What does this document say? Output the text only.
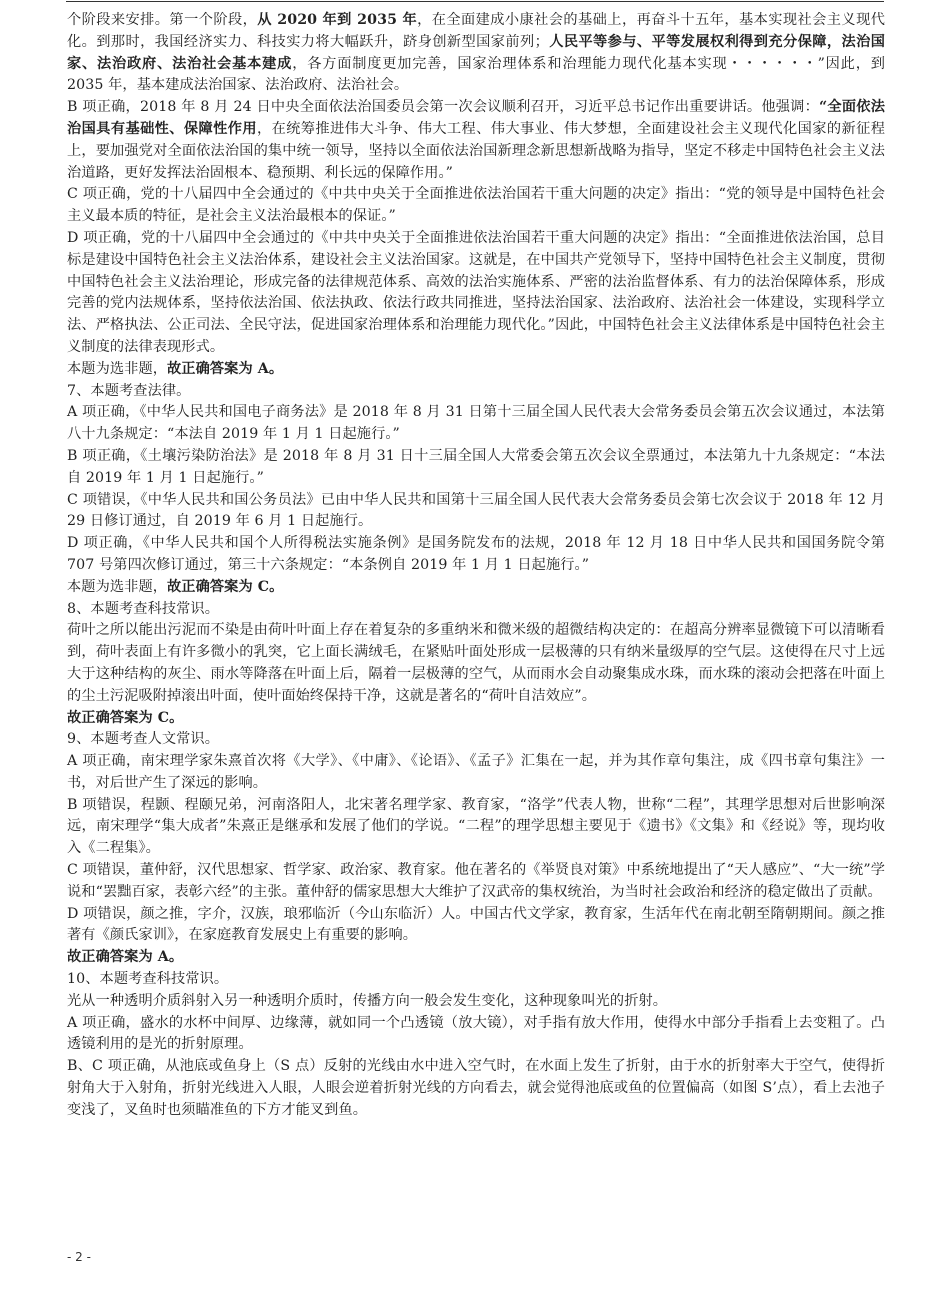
个阶段来安排。第一个阶段，从 2020 年到 2035 年，在全面建成小康社会的基础上，再奋斗十五年，基本实现社会主义现代化。到那时，我国经济实力、科技实力将大幅跃升，跻身创新型国家前列；人民平等参与、平等发展权利得到充分保障，法治国家、法治政府、法治社会基本建成，各方面制度更加完善，国家治理体系和治理能力现代化基本实现・・・・・・”因此，到 2035 年，基本建成法治国家、法治政府、法治社会。

B 项正确，2018 年 8 月 24 日中央全面依法治国委员会第一次会议顺利召开，习近平总书记作出重要讲话。他强调：“全面依法治国具有基础性、保障性作用，在统筹推进伟大斗争、伟大工程、伟大事业、伟大梦想，全面建设社会主义现代化国家的新征程上，要加强党对全面依法治国的集中统一领导，坚持以全面依法治国新理念新思想新战略为指导，坚定不移走中国特色社会主义法治道路，更好发挥法治固根本、稳预期、利长远的保障作用。”

C 项正确，党的十八届四中全会通过的《中共中央关于全面推进依法治国若干重大问题的决定》指出：“党的领导是中国特色社会主义最本质的特征，是社会主义法治最根本的保证。”

D 项正确，党的十八届四中全会通过的《中共中央关于全面推进依法治国若干重大问题的决定》指出：“全面推进依法治国，总目标是建设中国特色社会主义法治体系，建设社会主义法治国家。这就是，在中国共产党领导下，坚持中国特色社会主义制度，贯彻中国特色社会主义法治理论，形成完备的法律规范体系、高效的法治实施体系、严密的法治监督体系、有力的法治保障体系，形成完善的党内法规体系，坚持依法治国、依法执政、依法行政共同推进，坚持法治国家、法治政府、法治社会一体建设，实现科学立法、严格执法、公正司法、全民守法，促进国家治理体系和治理能力现代化。”因此，中国特色社会主义法律体系是中国特色社会主义制度的法律表现形式。

本题为选非题，故正确答案为 A。

7、本题考查法律。

A 项正确，《中华人民共和国电子商务法》是 2018 年 8 月 31 日第十三届全国人民代表大会常务委员会第五次会议通过，本法第八十九条规定：“本法自 2019 年 1 月 1 日起施行。”

B 项正确，《土壤污染防治法》是 2018 年 8 月 31 日十三届全国人大常委会第五次会议全票通过，本法第九十九条规定：“本法自 2019 年 1 月 1 日起施行。”

C 项错误，《中华人民共和国公务员法》已由中华人民共和国第十三届全国人民代表大会常务委员会第七次会议于 2018 年 12 月 29 日修订通过，自 2019 年 6 月 1 日起施行。

D 项正确，《中华人民共和国个人所得税法实施条例》是国务院发布的法规，2018 年 12 月 18 日中华人民共和国国务院令第 707 号第四次修订通过，第三十六条规定：“本条例自 2019 年 1 月 1 日起施行。”

本题为选非题，故正确答案为 C。

8、本题考查科技常识。

荷叶之所以能出污泥而不染是由荷叶叶面上存在着复杂的多重纳米和微米级的超微结构决定的：在超高分辨率显微镜下可以清晰看到，荷叶表面上有许多微小的乳突，它上面长满绒毛，在紧贴叶面处形成一层极薄的只有纳米量级厚的空气层。这使得在尺寸上远大于这种结构的灰尘、雨水等降落在叶面上后，隔着一层极薄的空气，从而雨水会自动聚集成水珠，而水珠的滚动会把落在叶面上的尘土污泥吸附掉滚出叶面，使叶面始终保持干净，这就是著名的“荷叶自洁效应”。

故正确答案为 C。

9、本题考查人文常识。

A 项正确，南宋理学家朱熹首次将《大学》、《中庸》、《论语》、《孟子》汇集在一起，并为其作章句集注，成《四书章句集注》一书，对后世产生了深远的影响。

B 项错误，程颢、程颐兄弟，河南洛阳人，北宋著名理学家、教育家，“洛学”代表人物，世称“二程”，其理学思想对后世影响深远，南宋理学“集大成者”朱熹正是继承和发展了他们的学说。“二程”的理学思想主要见于《遗书》《文集》和《经说》等，现均收入《二程集》。

C 项错误，董仲舒，汉代思想家、哲学家、政治家、教育家。他在著名的《举贤良对策》中系统地提出了“天人感应”、“大一统”学说和“罢黜百家，表彰六经”的主张。董仲舒的儒家思想大大维护了汉武帝的集权统治，为当时社会政治和经济的稳定做出了贡献。

D 项错误，颜之推，字介，汉族，琅邪临沂（今山东临沂）人。中国古代文学家，教育家，生活年代在南北朝至隋朝期间。颜之推著有《颜氏家训》，在家庭教育发展史上有重要的影响。

故正确答案为 A。

10、本题考查科技常识。

光从一种透明介质斜射入另一种透明介质时，传播方向一般会发生变化，这种现象叫光的折射。

A 项正确，盛水的水杯中间厚、边缘薄，就如同一个凸透镜（放大镜），对手指有放大作用，使得水中部分手指看上去变粗了。凸透镜利用的是光的折射原理。

B、C 项正确，从池底或鱼身上（S 点）反射的光线由水中进入空气时，在水面上发生了折射，由于水的折射率大于空气，使得折射角大于入射角，折射光线进入人眼，人眼会逆着折射光线的方向看去，就会觉得池底或鱼的位置偏高（如图 S’点），看上去池子变浅了，叉鱼时也须瞄准鱼的下方才能叉到鱼。

- 2 -
